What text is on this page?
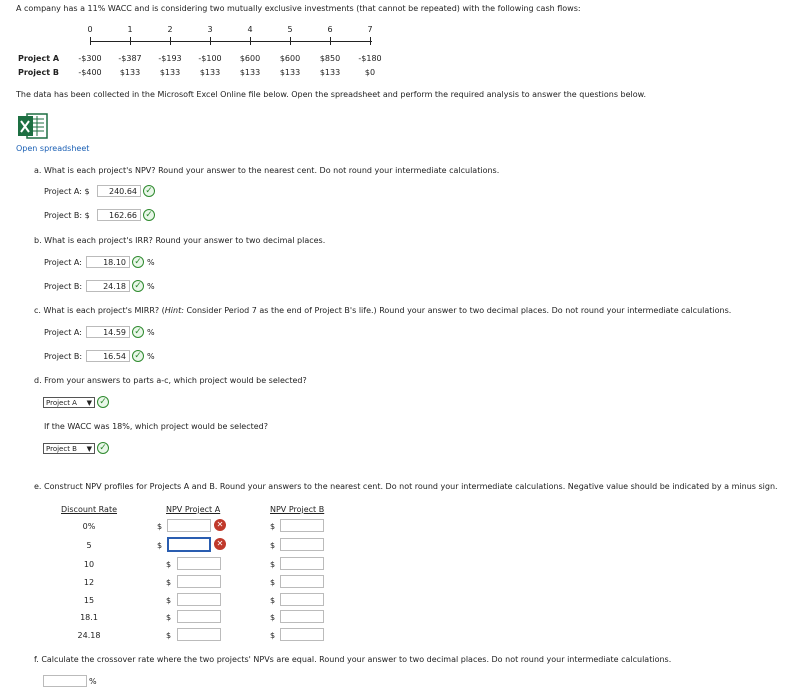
A company has a 11% WACC and is considering two mutually exclusive investments (that cannot be repeated) with the following cash flows:
0	1	2	3	4	5	6	7
Project A	-$300	-$387	-$193	-$100	$600	$600	$850	-$180
Project B	-$400	$133	$133	$133	$133	$133	$133	$0
The data has been collected in the Microsoft Excel Online file below. Open the spreadsheet and perform the required analysis to answer the questions below.
Open spreadsheet
a. What is each project's NPV? Round your answer to the nearest cent. Do not round your intermediate calculations.
Project A: $	240.64 ✓
Project B: $	162.66 ✓
b. What is each project's IRR? Round your answer to two decimal places.
Project A:	18.10 ✓ %
Project B:	24.18 ✓ %
c. What is each project's MIRR? (Hint: Consider Period 7 as the end of Project B's life.) Round your answer to two decimal places. Do not round your intermediate calculations.
Project A:	14.59 ✓ %
Project B:	16.54 ✓ %
d. From your answers to parts a-c, which project would be selected?
Project A ▼ ✓
If the WACC was 18%, which project would be selected?
Project B ▼ ✓
e. Construct NPV profiles for Projects A and B. Round your answers to the nearest cent. Do not round your intermediate calculations. Negative value should be indicated by a minus sign.
Discount Rate	NPV Project A	NPV Project B
0%	$	✕	$
5	$	✕	$
10	$	$
12	$	$
15	$	$
18.1	$	$
24.18	$	$
f. Calculate the crossover rate where the two projects' NPVs are equal. Round your answer to two decimal places. Do not round your intermediate calculations.
%
